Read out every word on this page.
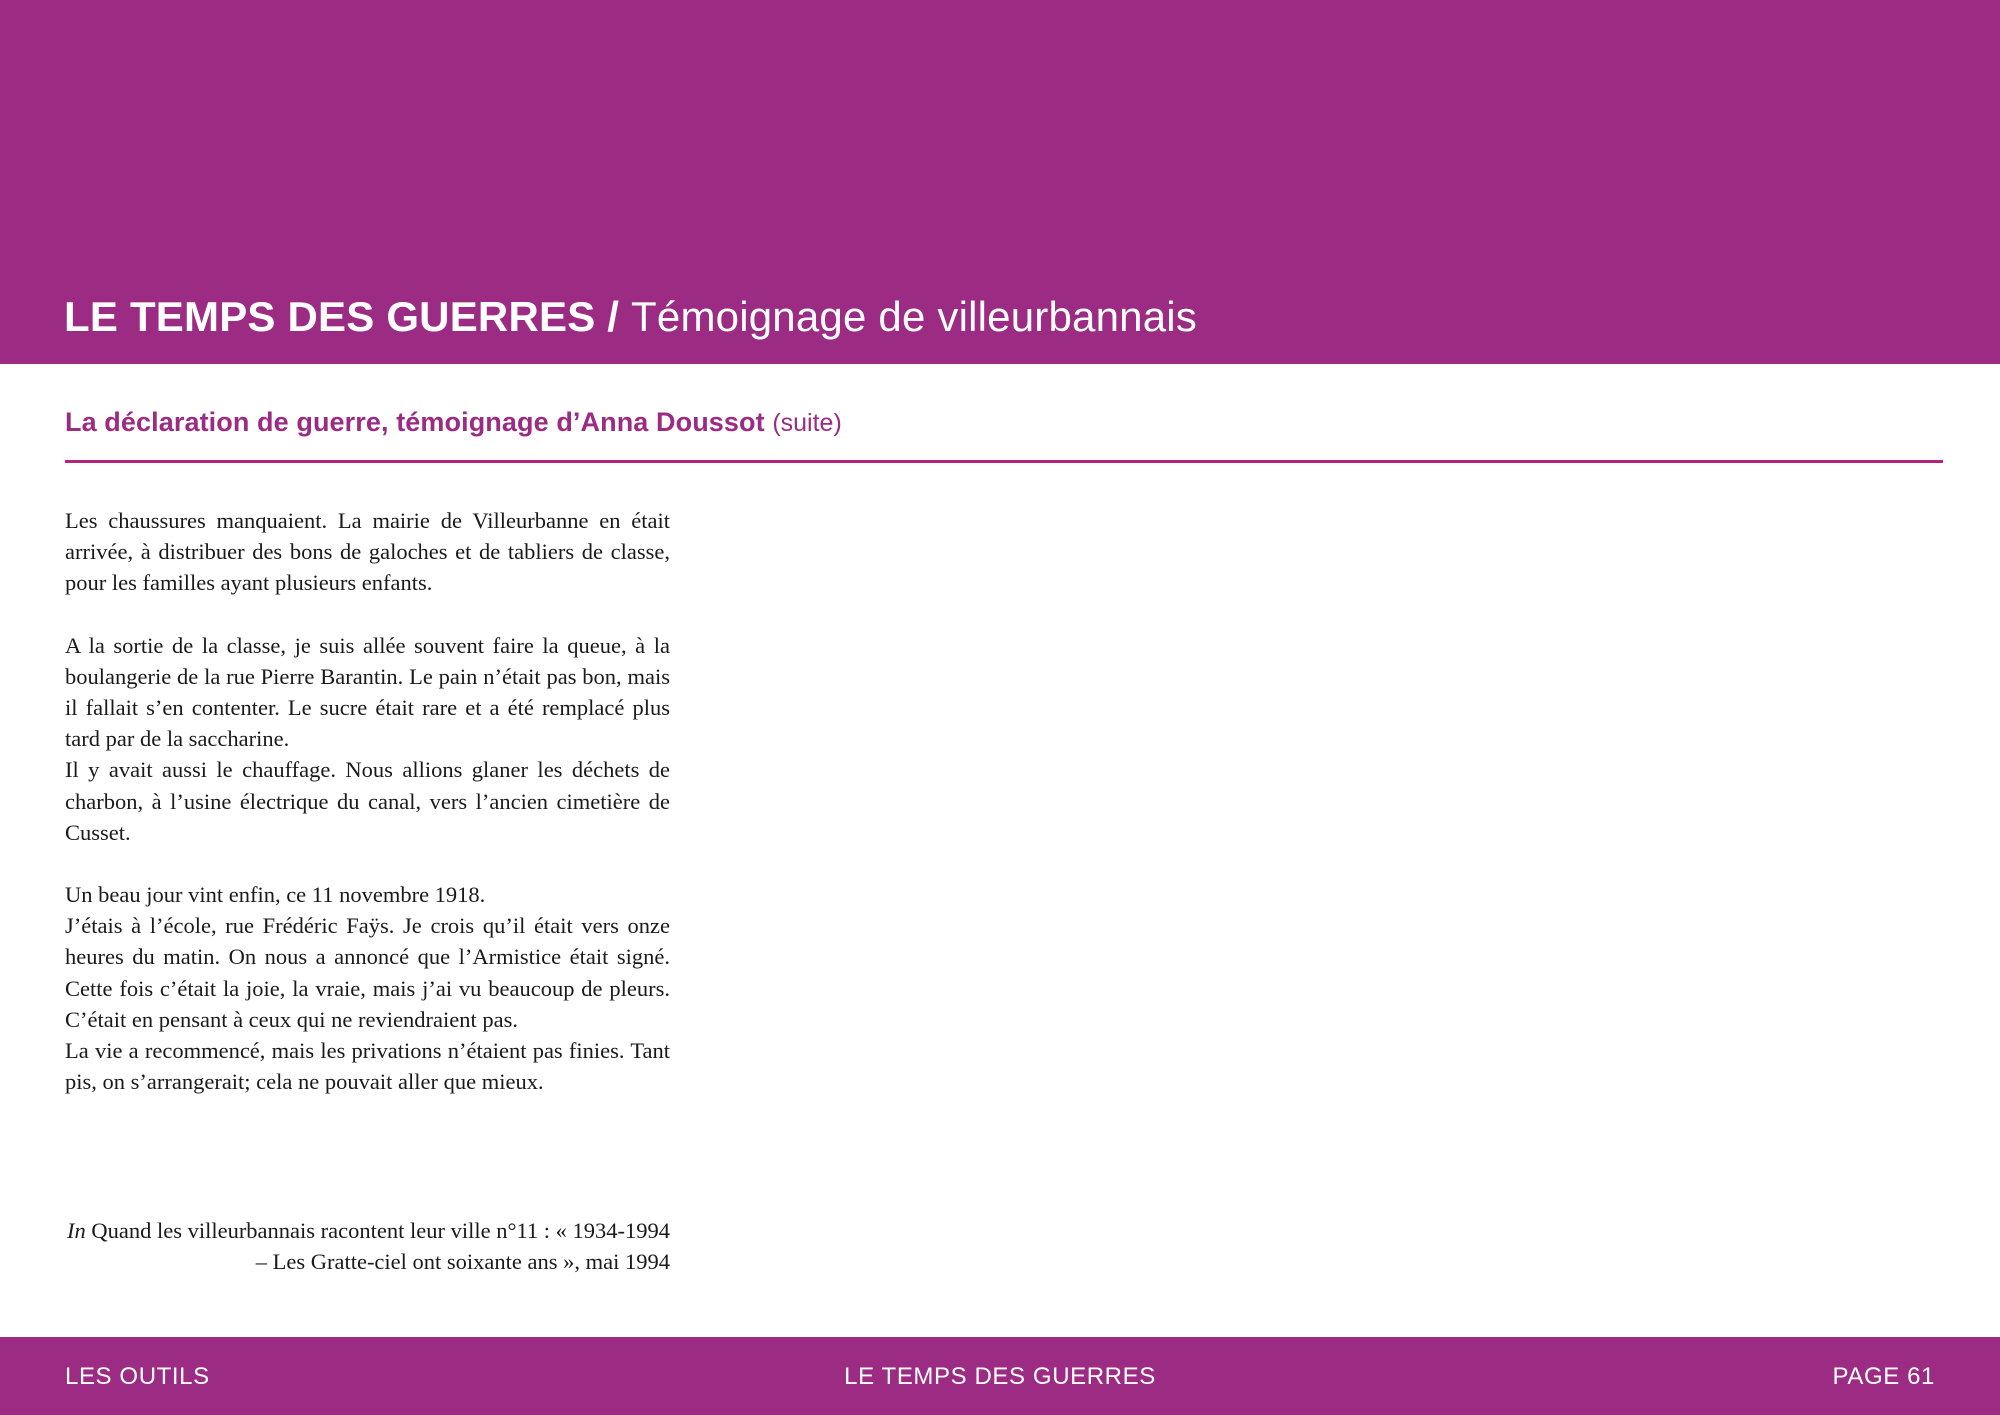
LE TEMPS DES GUERRES / Témoignage de villeurbannais
La déclaration de guerre, témoignage d’Anna Doussot (suite)

Les chaussures manquaient. La mairie de Villeurbanne en était arrivée, à distribuer des bons de galoches et de tabliers de classe, pour les familles ayant plusieurs enfants.

A la sortie de la classe, je suis allée souvent faire la queue, à la boulangerie de la rue Pierre Barantin. Le pain n’était pas bon, mais il fallait s’en contenter. Le sucre était rare et a été remplacé plus tard par de la saccharine.

Il y avait aussi le chauffage. Nous allions glaner les déchets de charbon, à l’usine électrique du canal, vers l’ancien cimetière de Cusset.

Un beau jour vint enfin, ce 11 novembre 1918.

J’étais à l’école, rue Frédéric Faÿs. Je crois qu’il était vers onze heures du matin. On nous a annoncé que l’Armistice était signé. Cette fois c’était la joie, la vraie, mais j’ai vu beaucoup de pleurs. C’était en pensant à ceux qui ne reviendraient pas.

La vie a recommencé, mais les privations n’étaient pas finies. Tant pis, on s’arrangerait; cela ne pouvait aller que mieux.

In Quand les villeurbannais racontent leur ville n°11 : « 1934-1994 – Les Gratte-ciel ont soixante ans », mai 1994
LES OUTILS	LE TEMPS DES GUERRES	PAGE 61
